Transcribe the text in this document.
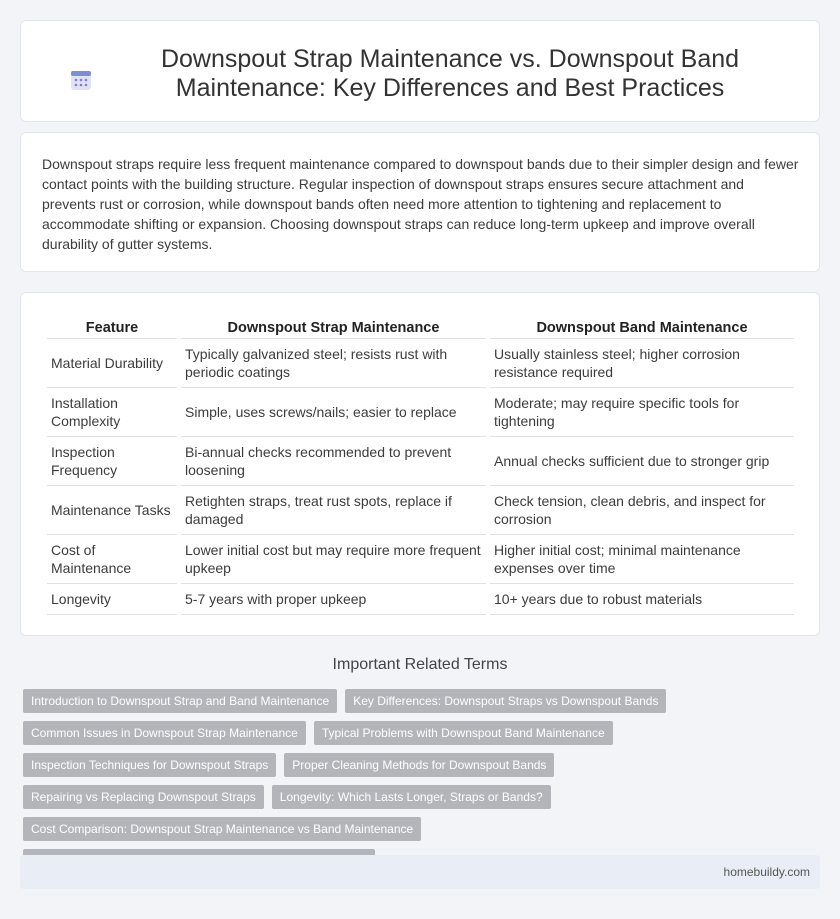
Downspout Strap Maintenance vs. Downspout Band Maintenance: Key Differences and Best Practices

Downspout straps require less frequent maintenance compared to downspout bands due to their simpler design and fewer contact points with the building structure. Regular inspection of downspout straps ensures secure attachment and prevents rust or corrosion, while downspout bands often need more attention to tightening and replacement to accommodate shifting or expansion. Choosing downspout straps can reduce long-term upkeep and improve overall durability of gutter systems.

Feature	Downspout Strap Maintenance	Downspout Band Maintenance
Material Durability	Typically galvanized steel; resists rust with periodic coatings	Usually stainless steel; higher corrosion resistance required
Installation Complexity	Simple, uses screws/nails; easier to replace	Moderate; may require specific tools for tightening
Inspection Frequency	Bi-annual checks recommended to prevent loosening	Annual checks sufficient due to stronger grip
Maintenance Tasks	Retighten straps, treat rust spots, replace if damaged	Check tension, clean debris, and inspect for corrosion
Cost of Maintenance	Lower initial cost but may require more frequent upkeep	Higher initial cost; minimal maintenance expenses over time
Longevity	5-7 years with proper upkeep	10+ years due to robust materials
Important Related Terms
Introduction to Downspout Strap and Band Maintenance	Key Differences: Downspout Straps vs Downspout Bands
Common Issues in Downspout Strap Maintenance	Typical Problems with Downspout Band Maintenance
Inspection Techniques for Downspout Straps	Proper Cleaning Methods for Downspout Bands
Repairing vs Replacing Downspout Straps	Longevity: Which Lasts Longer, Straps or Bands?
Cost Comparison: Downspout Strap Maintenance vs Band Maintenance
homebuildy.com
